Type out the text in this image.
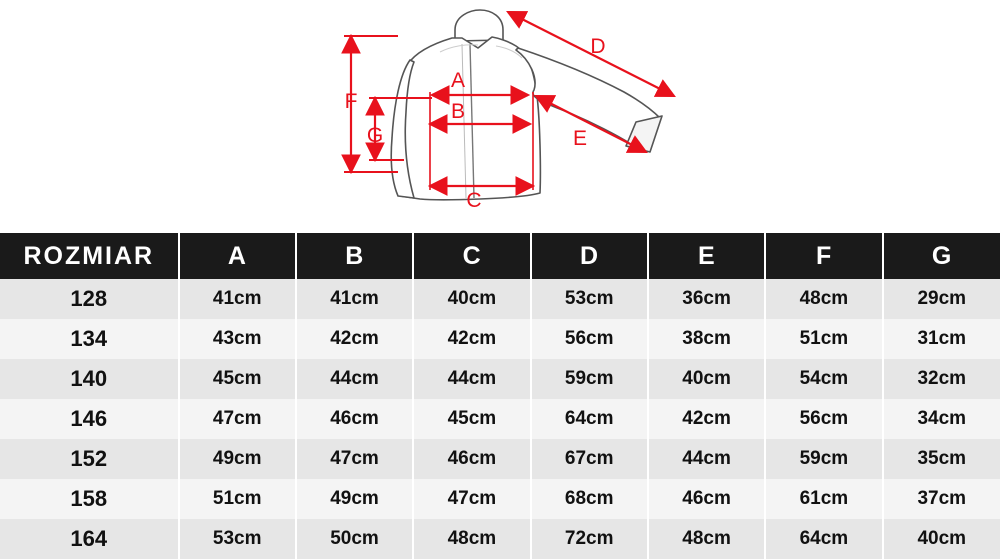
A
B
C
D
E
F
G
ROZMIAR	A	B	C	D	E	F	G
128	41cm	41cm	40cm	53cm	36cm	48cm	29cm
134	43cm	42cm	42cm	56cm	38cm	51cm	31cm
140	45cm	44cm	44cm	59cm	40cm	54cm	32cm
146	47cm	46cm	45cm	64cm	42cm	56cm	34cm
152	49cm	47cm	46cm	67cm	44cm	59cm	35cm
158	51cm	49cm	47cm	68cm	46cm	61cm	37cm
164	53cm	50cm	48cm	72cm	48cm	64cm	40cm
